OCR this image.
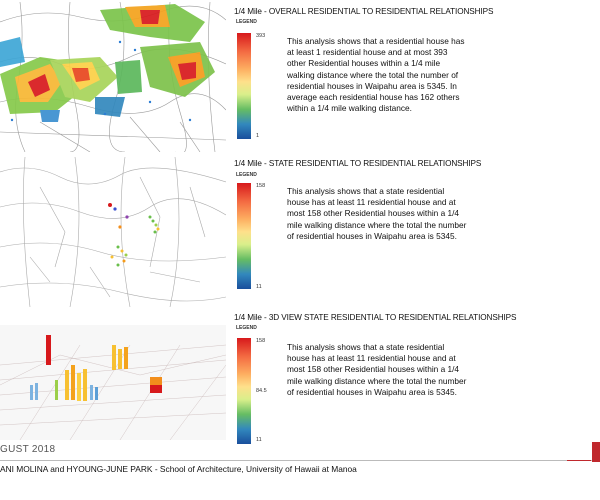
1/4 Mile - OVERALL RESIDENTIAL TO RESIDENTIAL RELATIONSHIPS
LEGEND
393
1
This analysis shows that a residential house has at least 1 residential house and at most 393 other Residential houses within a 1/4 mile walking distance where the total the number of residential houses in Waipahu area is 5345. In average each residential house has 162 others within a 1/4 mile walking distance.
1/4 Mile - STATE RESIDENTIAL TO RESIDENTIAL RELATIONSHIPS
LEGEND
158
11
This analysis shows that a state residential house has at least 11 residential house and at most 158 other Residential houses within a 1/4 mile walking distance where the total the number of residential houses in Waipahu area is 5345.
1/4 Mile - 3D VIEW STATE RESIDENTIAL TO RESIDENTIAL RELATIONSHIPS
LEGEND
158
84.5
11
This analysis shows that a state residential house has at least 11 residential house and at most 158 other Residential houses within a 1/4 mile walking distance where the total the number of residential houses in Waipahu area is 5345.
GUST 2018
ANI MOLINA and HYOUNG-JUNE PARK - School of Architecture, University of Hawaii at Manoa
